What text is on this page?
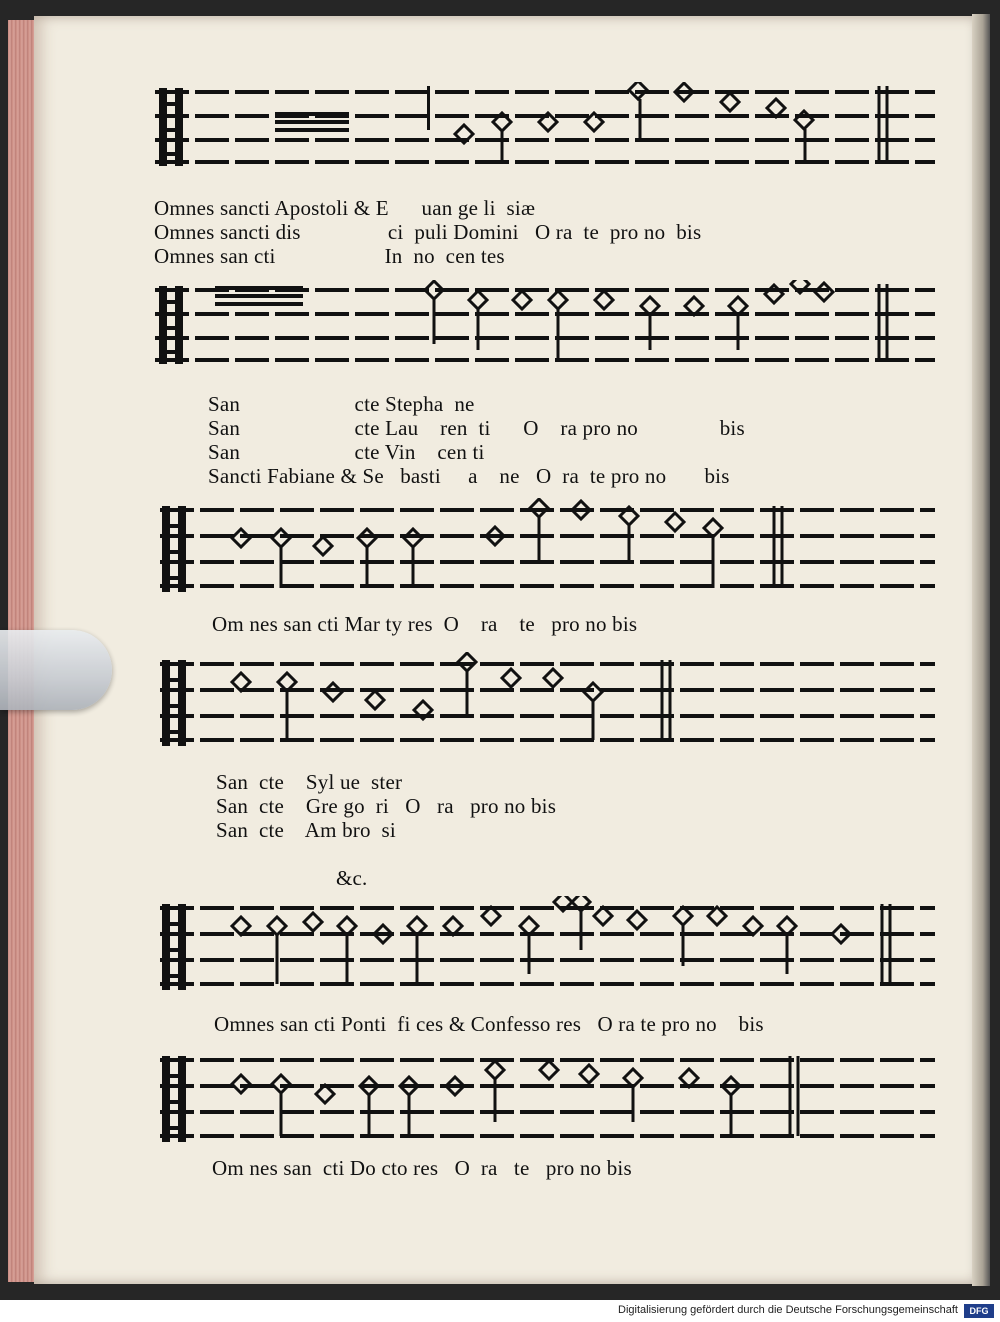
Omnes sancti Apostoli & E      uan ge li  siæ
Omnes sancti dis                ci  puli Domini   O ra  te  pro no  bis
Omnes san cti                    In  no  cen tes
San                     cte Stepha  ne
San                     cte Lau    ren  ti      O    ra pro no               bis
San                     cte Vin    cen ti
Sancti Fabiane & Se   basti     a    ne   O  ra  te pro no       bis
Om nes san cti Mar ty res  O    ra    te   pro no bis
San  cte    Syl ue  ster
San  cte    Gre go  ri   O   ra   pro no bis
San  cte    Am bro  si
&c.
Omnes san cti Ponti  fi ces & Confesso res   O ra te pro no    bis
Om nes san  cti Do cto res   O  ra   te   pro no bis
Digitalisierung gefördert durch die Deutsche Forschungsgemeinschaft	DFG
